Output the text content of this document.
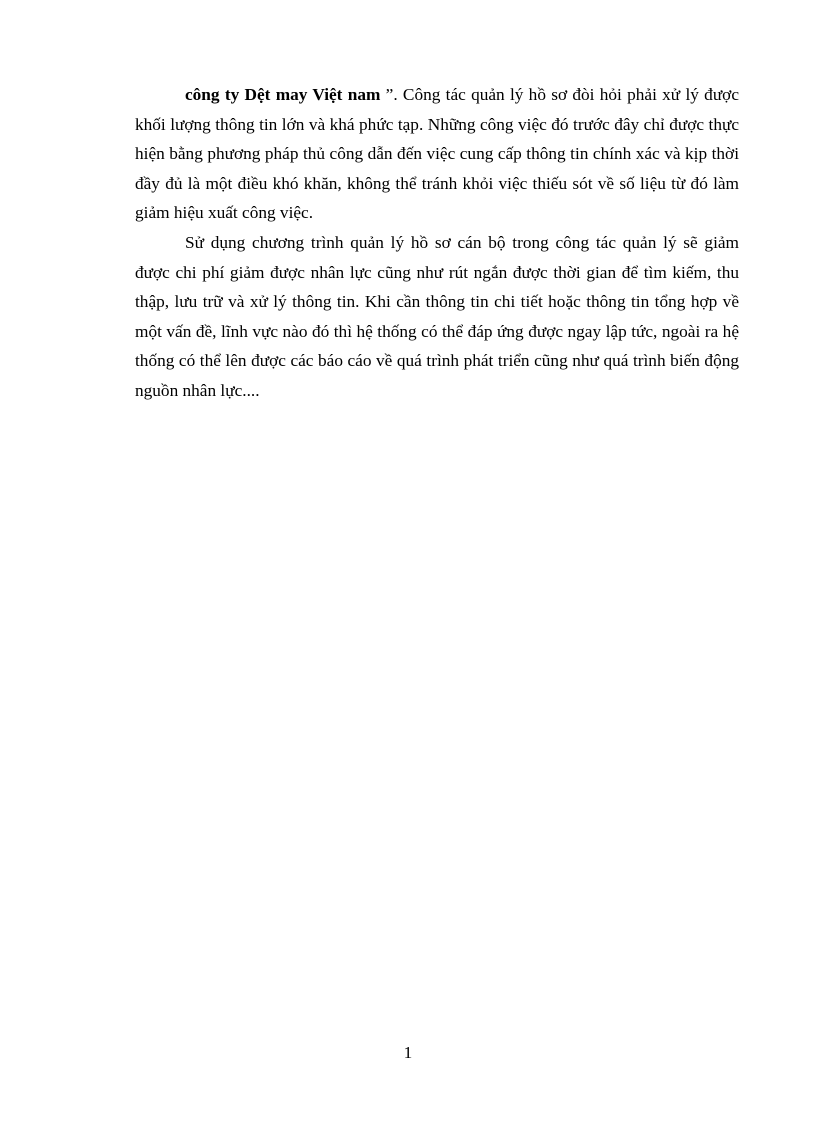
công ty Dệt may Việt nam ”. Công tác quản lý hồ sơ đòi hỏi phải xử lý được khối lượng thông tin lớn và khá phức tạp. Những công việc đó trước đây chỉ được thực hiện bằng phương pháp thủ công dẫn đến việc cung cấp thông tin chính xác và kịp thời đầy đủ là một điều khó khăn, không thể tránh khỏi việc thiếu sót về số liệu từ đó làm giảm hiệu xuất công việc.

Sử dụng chương trình quản lý hồ sơ cán bộ trong công tác quản lý sẽ giảm được chi phí giảm được nhân lực cũng như rút ngắn được thời gian để tìm kiếm, thu thập, lưu trữ và xử lý thông tin. Khi cần thông tin chi tiết hoặc thông tin tổng hợp về một vấn đề, lĩnh vực nào đó thì hệ thống có thể đáp ứng được ngay lập tức, ngoài ra hệ thống có thể lên được các báo cáo về quá trình phát triển cũng như quá trình biến động nguồn nhân lực....

1
